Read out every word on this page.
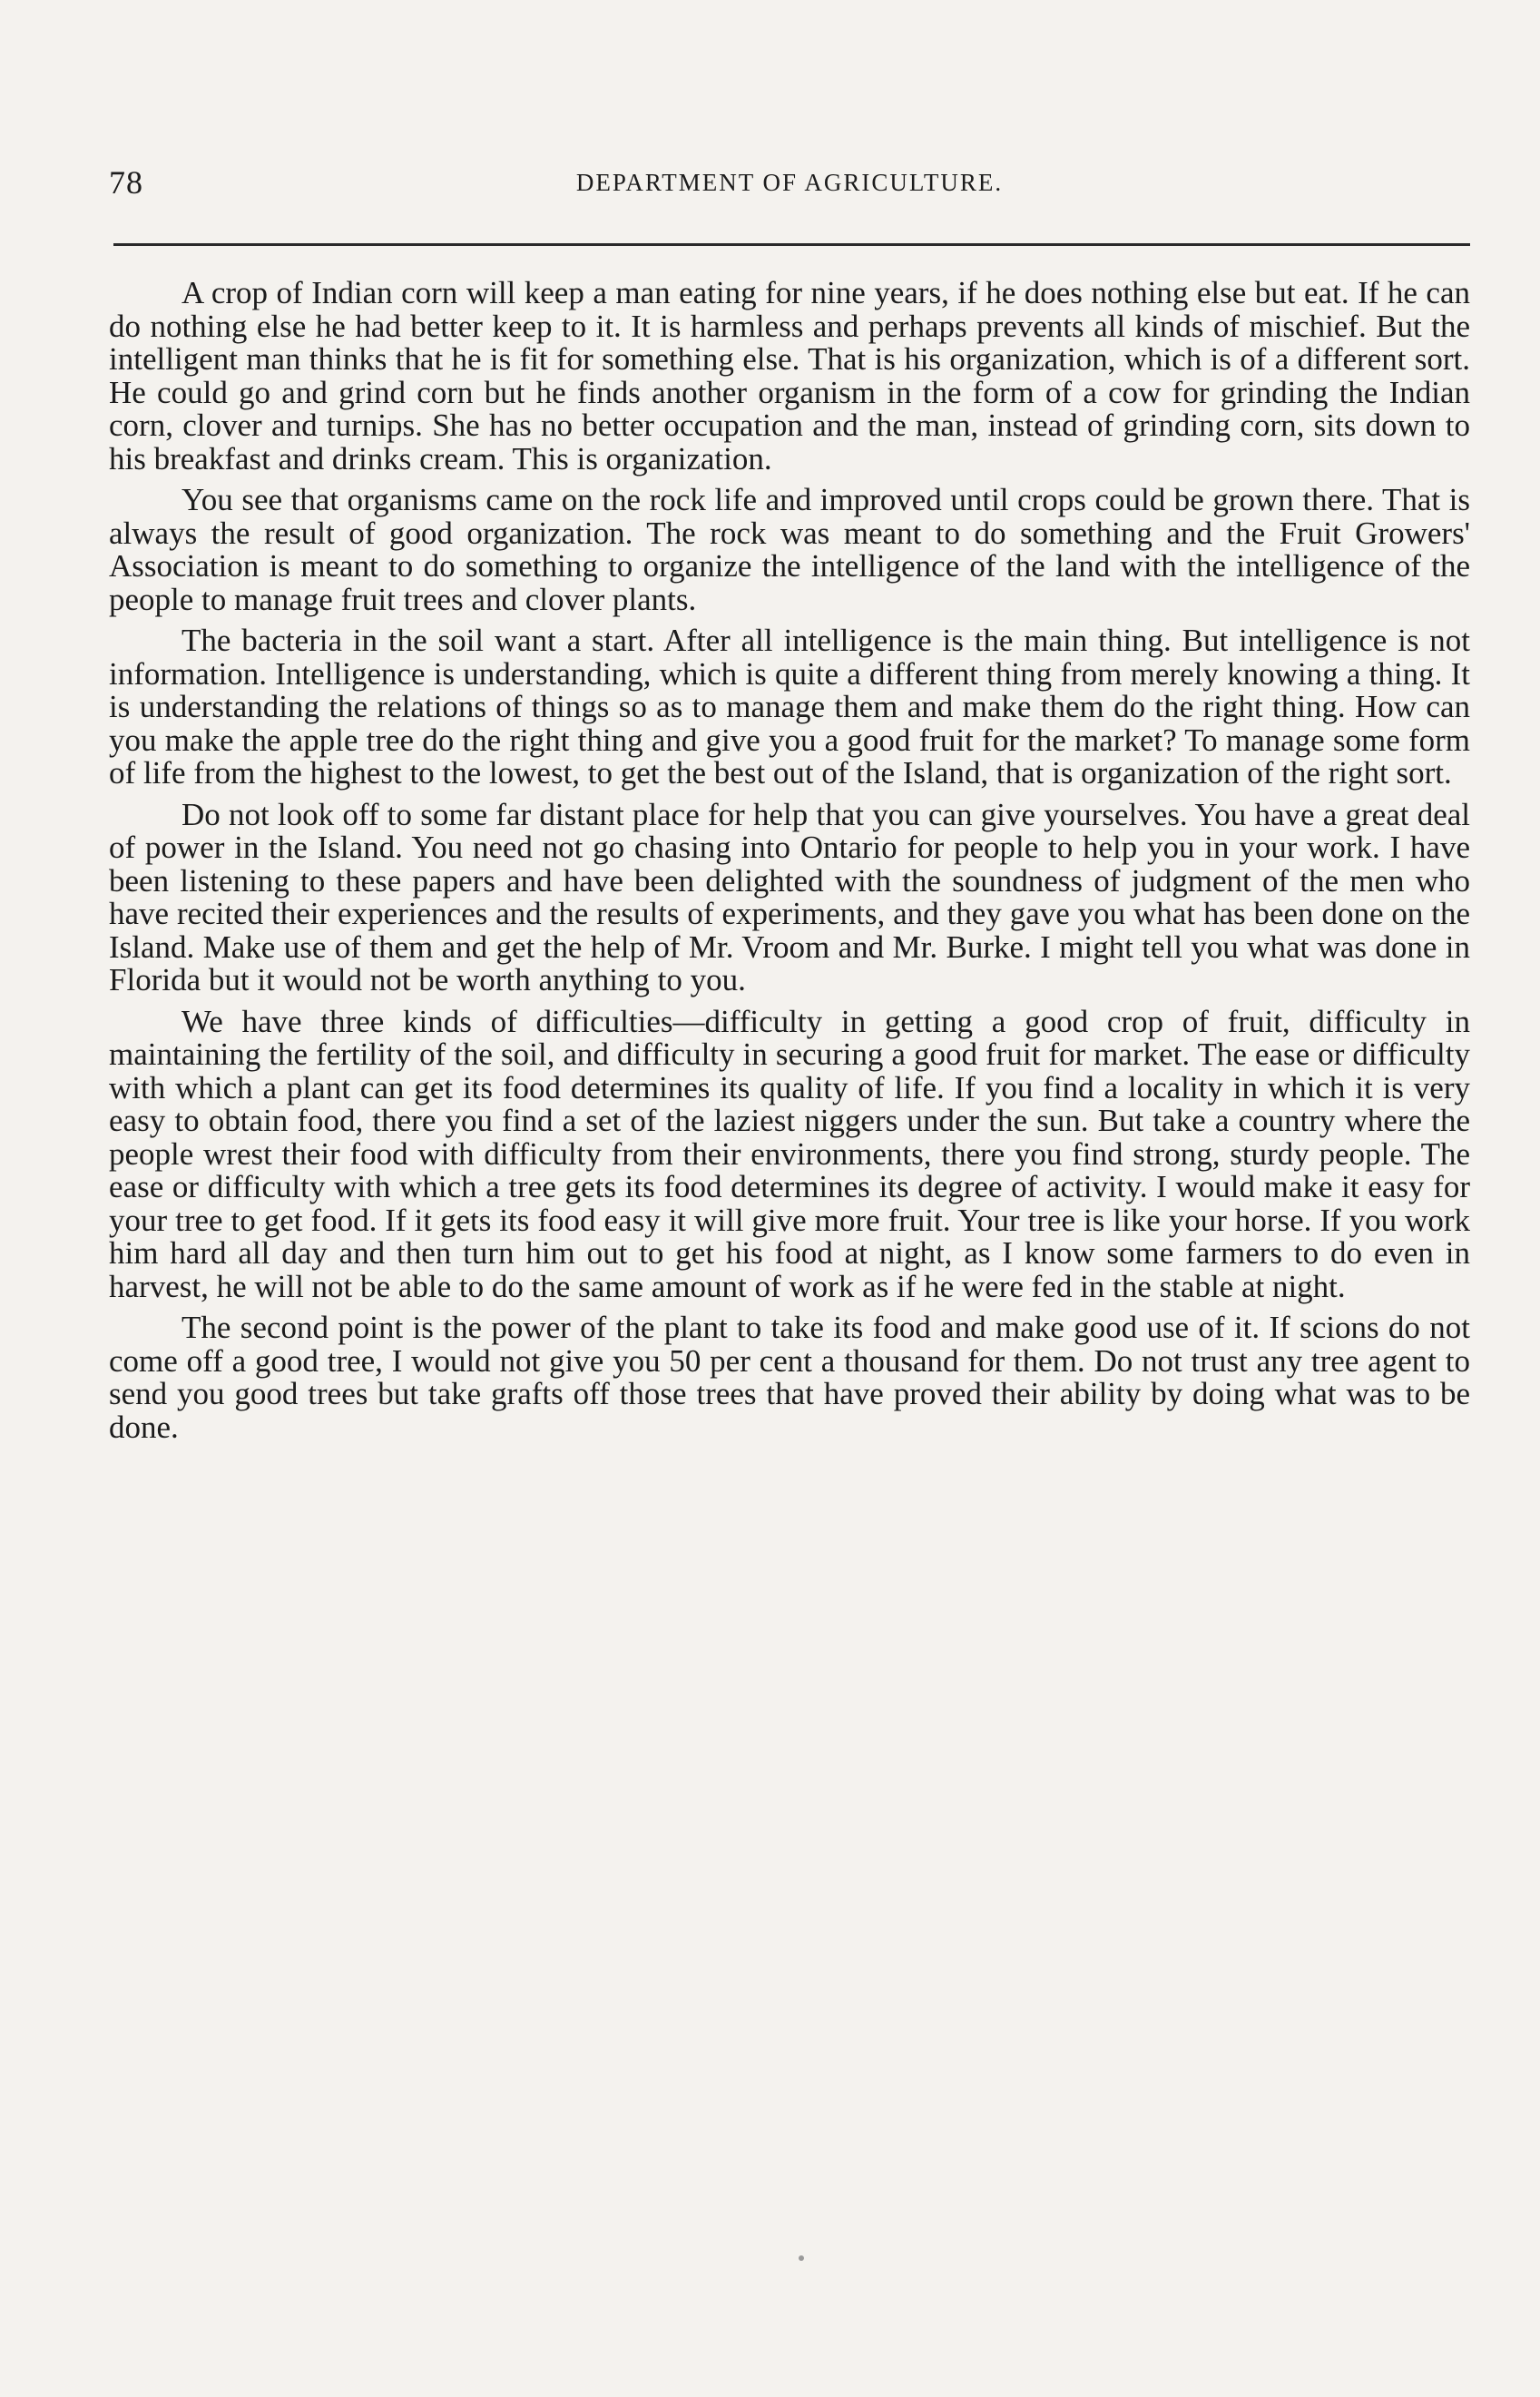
78	DEPARTMENT OF AGRICULTURE.

A crop of Indian corn will keep a man eating for nine years, if he does nothing else but eat. If he can do nothing else he had better keep to it. It is harmless and perhaps prevents all kinds of mischief. But the intelligent man thinks that he is fit for something else. That is his organization, which is of a different sort. He could go and grind corn but he finds another organism in the form of a cow for grinding the Indian corn, clover and turnips. She has no better occupation and the man, instead of grinding corn, sits down to his breakfast and drinks cream. This is organization.

You see that organisms came on the rock life and improved until crops could be grown there. That is always the result of good organization. The rock was meant to do something and the Fruit Growers' Association is meant to do something to organize the intelligence of the land with the intelligence of the people to manage fruit trees and clover plants.

The bacteria in the soil want a start. After all intelligence is the main thing. But intelligence is not information. Intelligence is understanding, which is quite a different thing from merely knowing a thing. It is understanding the relations of things so as to manage them and make them do the right thing. How can you make the apple tree do the right thing and give you a good fruit for the market? To manage some form of life from the highest to the lowest, to get the best out of the Island, that is organization of the right sort.

Do not look off to some far distant place for help that you can give yourselves. You have a great deal of power in the Island. You need not go chasing into Ontario for people to help you in your work. I have been listening to these papers and have been delighted with the soundness of judgment of the men who have recited their experiences and the results of experiments, and they gave you what has been done on the Island. Make use of them and get the help of Mr. Vroom and Mr. Burke. I might tell you what was done in Florida but it would not be worth anything to you.

We have three kinds of difficulties—difficulty in getting a good crop of fruit, difficulty in maintaining the fertility of the soil, and difficulty in securing a good fruit for market. The ease or difficulty with which a plant can get its food determines its quality of life. If you find a locality in which it is very easy to obtain food, there you find a set of the laziest niggers under the sun. But take a country where the people wrest their food with difficulty from their environments, there you find strong, sturdy people. The ease or difficulty with which a tree gets its food determines its degree of activity. I would make it easy for your tree to get food. If it gets its food easy it will give more fruit. Your tree is like your horse. If you work him hard all day and then turn him out to get his food at night, as I know some farmers to do even in harvest, he will not be able to do the same amount of work as if he were fed in the stable at night.

The second point is the power of the plant to take its food and make good use of it. If scions do not come off a good tree, I would not give you 50 per cent a thousand for them. Do not trust any tree agent to send you good trees but take grafts off those trees that have proved their ability by doing what was to be done.
